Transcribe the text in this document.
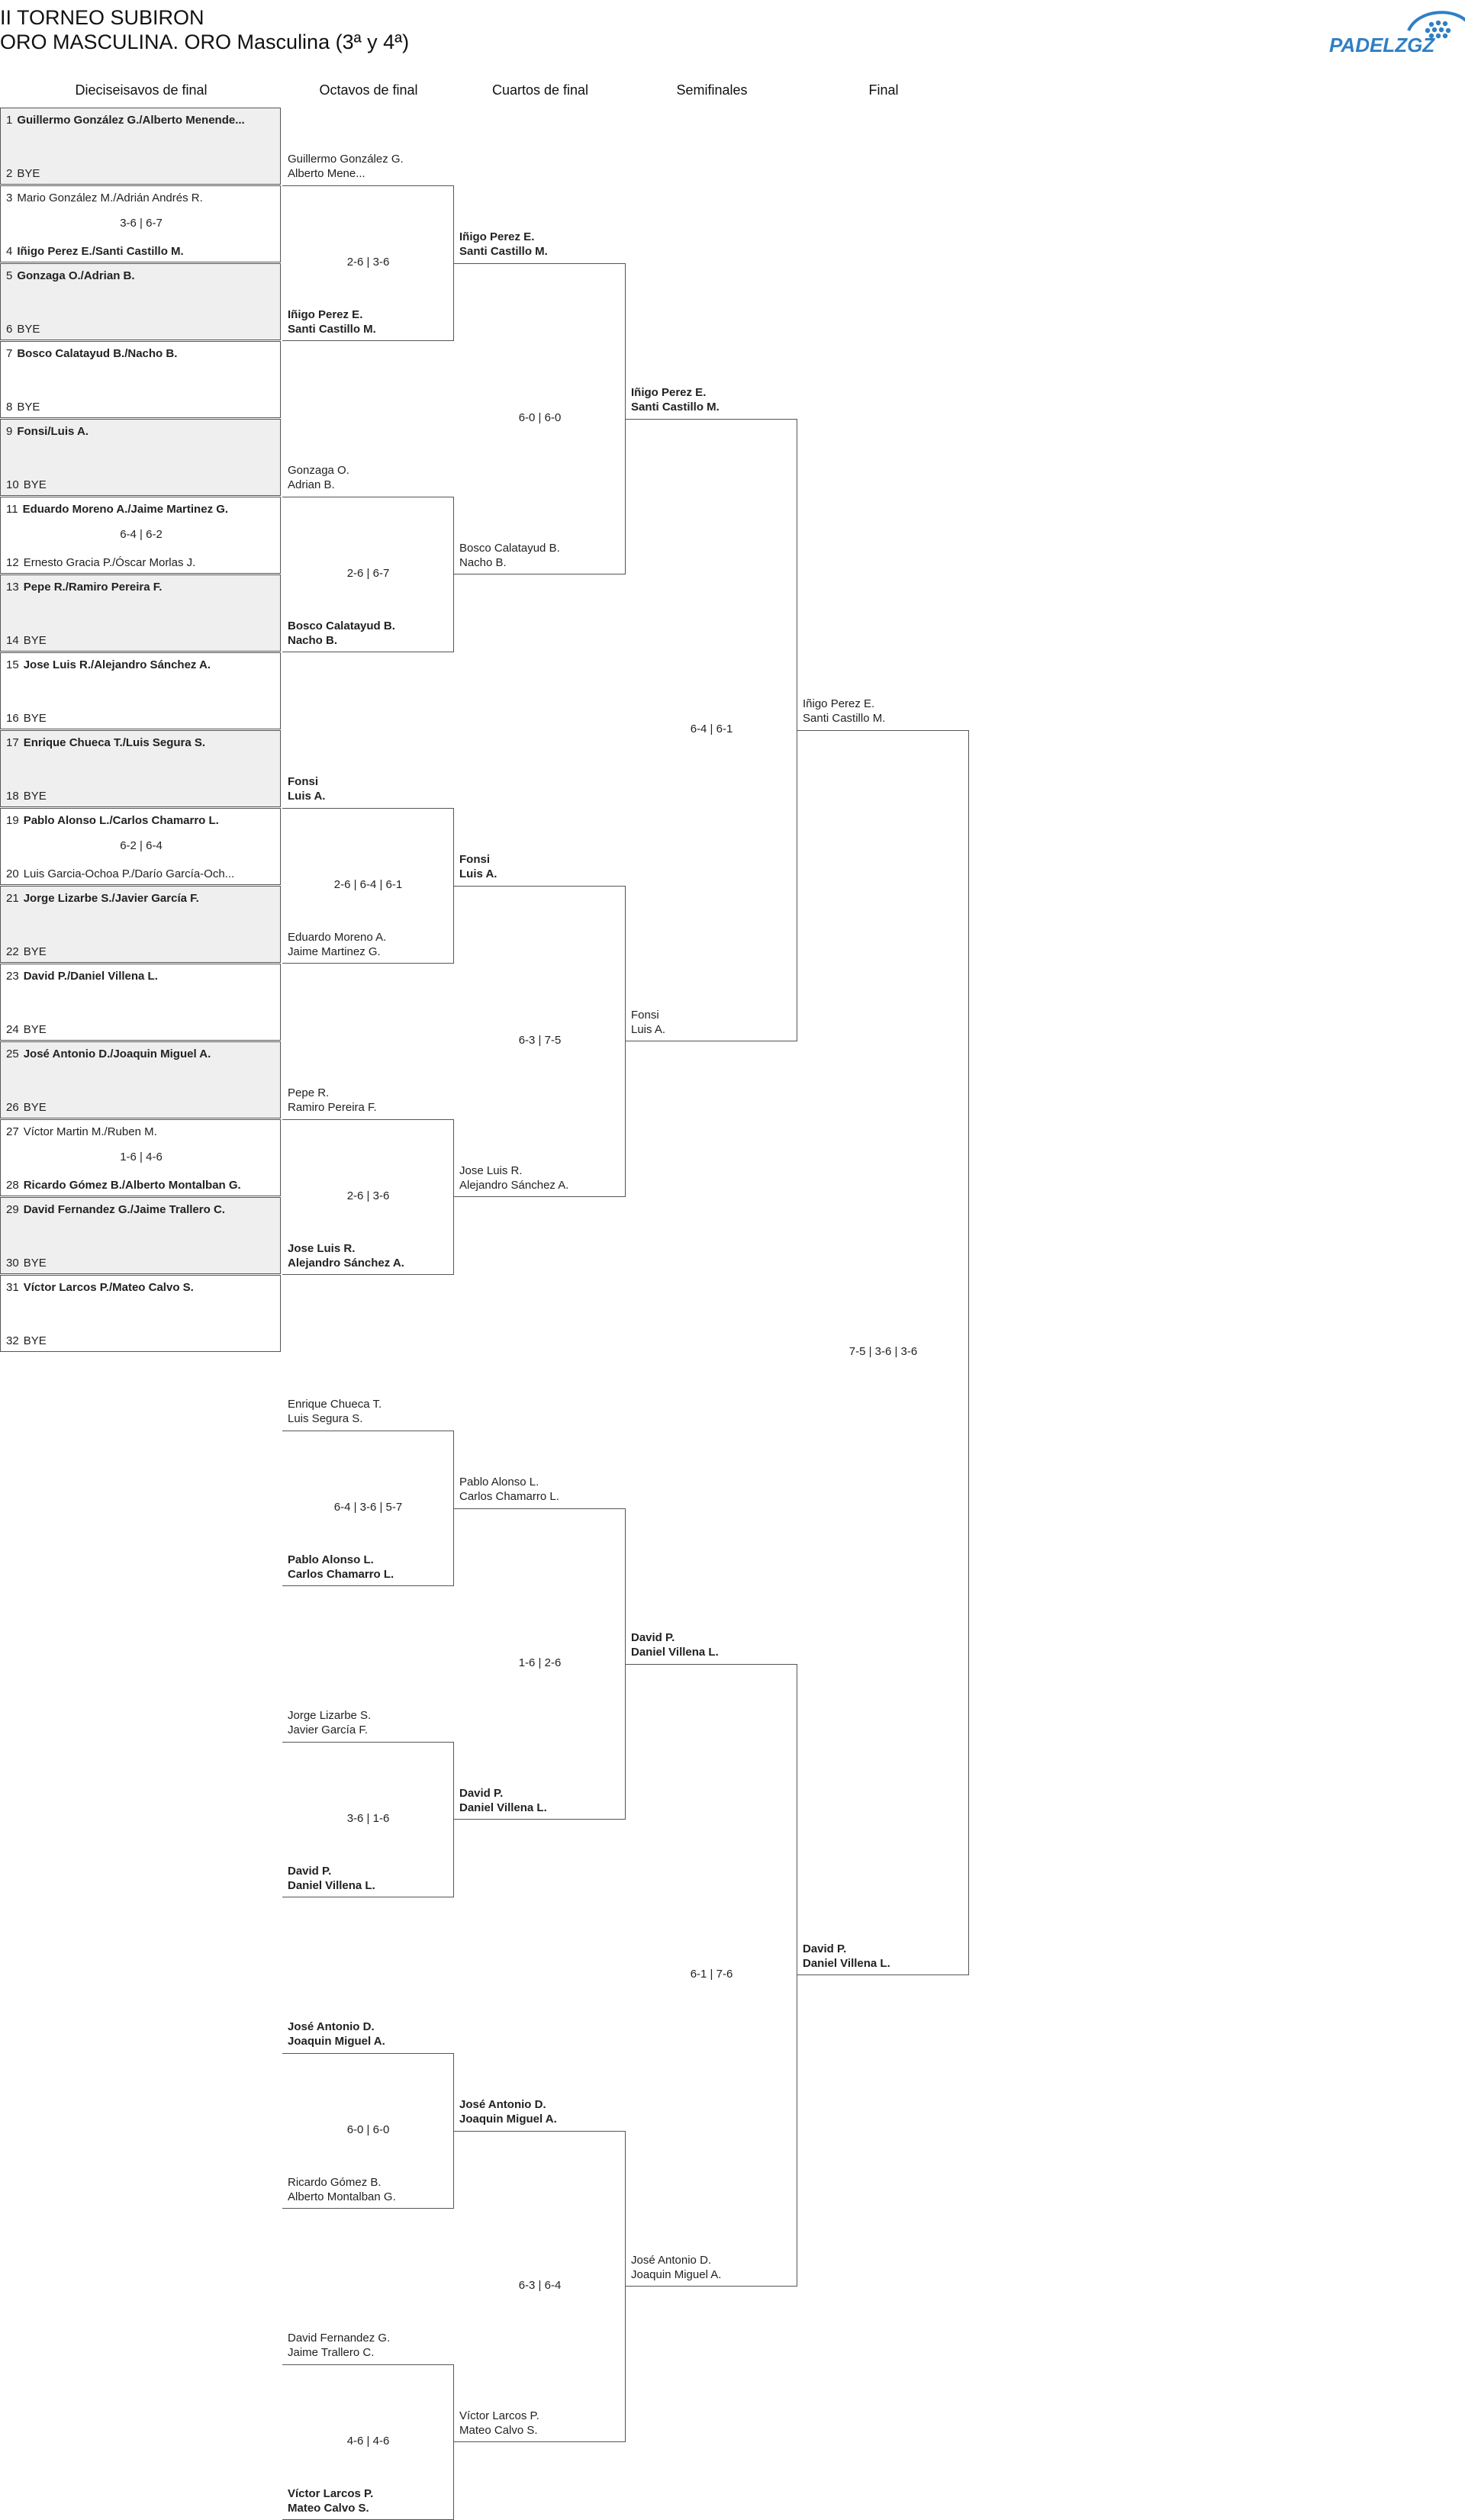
II TORNEO SUBIRON
ORO MASCULINA. ORO Masculina (3ª y 4ª)	PADELZGZ
Dieciseisavos de final	Octavos de final	Cuartos de final	Semifinales	Final
1 Guillermo González G./Alberto Menende...
2 BYE
3 Mario González M./Adrián Andrés R.
4 Iñigo Perez E./Santi Castillo M.
3-6 | 6-7
5 Gonzaga O./Adrian B.
6 BYE
7 Bosco Calatayud B./Nacho B.
8 BYE
9 Fonsi/Luis A.
10 BYE
11 Eduardo Moreno A./Jaime Martinez G.
12 Ernesto Gracia P./Óscar Morlas J.
6-4 | 6-2
13 Pepe R./Ramiro Pereira F.
14 BYE
15 Jose Luis R./Alejandro Sánchez A.
16 BYE
17 Enrique Chueca T./Luis Segura S.
18 BYE
19 Pablo Alonso L./Carlos Chamarro L.
20 Luis Garcia-Ochoa P./Darío García-Och...
6-2 | 6-4
21 Jorge Lizarbe S./Javier García F.
22 BYE
23 David P./Daniel Villena L.
24 BYE
25 José Antonio D./Joaquin Miguel A.
26 BYE
27 Víctor Martin M./Ruben M.
28 Ricardo Gómez B./Alberto Montalban G.
1-6 | 4-6
29 David Fernandez G./Jaime Trallero C.
30 BYE
31 Víctor Larcos P./Mateo Calvo S.
32 BYE
Guillermo González G.
Alberto Mene...
Iñigo Perez E.
Santi Castillo M.
2-6 | 3-6
Gonzaga O.
Adrian B.
Bosco Calatayud B.
Nacho B.
2-6 | 6-7
Fonsi
Luis A.
Eduardo Moreno A.
Jaime Martinez G.
2-6 | 6-4 | 6-1
Pepe R.
Ramiro Pereira F.
Jose Luis R.
Alejandro Sánchez A.
2-6 | 3-6
Enrique Chueca T.
Luis Segura S.
Pablo Alonso L.
Carlos Chamarro L.
6-4 | 3-6 | 5-7
Jorge Lizarbe S.
Javier García F.
David P.
Daniel Villena L.
3-6 | 1-6
José Antonio D.
Joaquin Miguel A.
Ricardo Gómez B.
Alberto Montalban G.
6-0 | 6-0
David Fernandez G.
Jaime Trallero C.
Víctor Larcos P.
Mateo Calvo S.
4-6 | 4-6
Iñigo Perez E.
Santi Castillo M.
Bosco Calatayud B.
Nacho B.
6-0 | 6-0
Fonsi
Luis A.
Jose Luis R.
Alejandro Sánchez A.
6-3 | 7-5
Pablo Alonso L.
Carlos Chamarro L.
David P.
Daniel Villena L.
1-6 | 2-6
José Antonio D.
Joaquin Miguel A.
Víctor Larcos P.
Mateo Calvo S.
6-3 | 6-4
Iñigo Perez E.
Santi Castillo M.
Fonsi
Luis A.
6-4 | 6-1
David P.
Daniel Villena L.
José Antonio D.
Joaquin Miguel A.
6-1 | 7-6
Iñigo Perez E.
Santi Castillo M.
David P.
Daniel Villena L.
7-5 | 3-6 | 3-6
